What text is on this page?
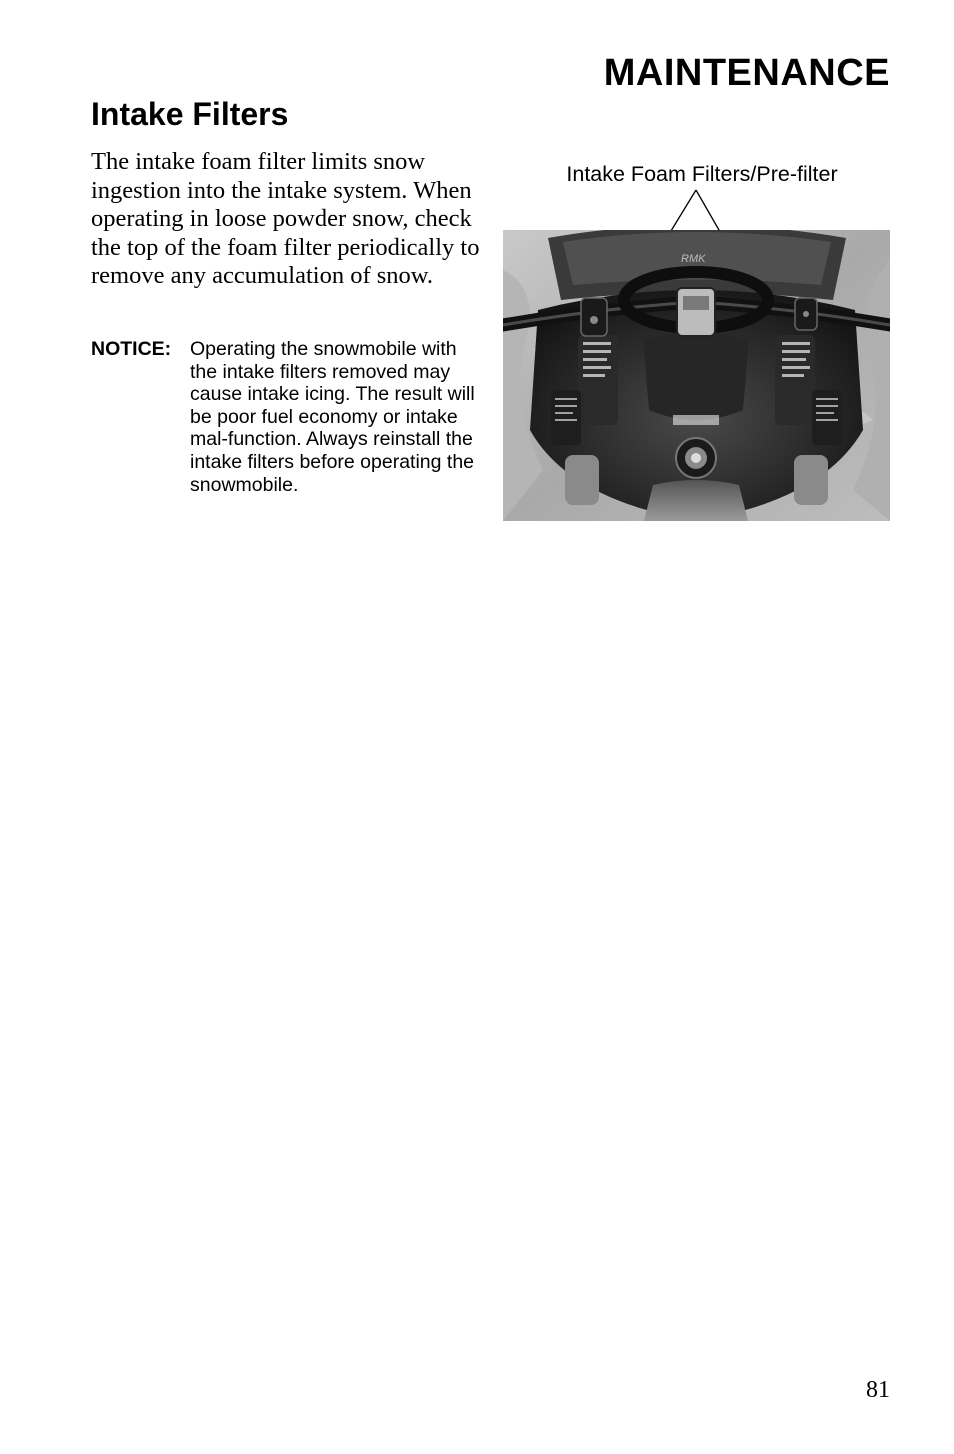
MAINTENANCE
Intake Filters

The intake foam filter limits snow ingestion into the intake system. When operating in loose powder snow, check the top of the foam filter periodically to remove any accumulation of snow.

NOTICE: Operating the snowmobile with the intake filters removed may cause intake icing. The result will be poor fuel economy or intake mal-function. Always reinstall the intake filters before operating the snowmobile.

Intake Foam Filters/Pre-filter

RMK

81
